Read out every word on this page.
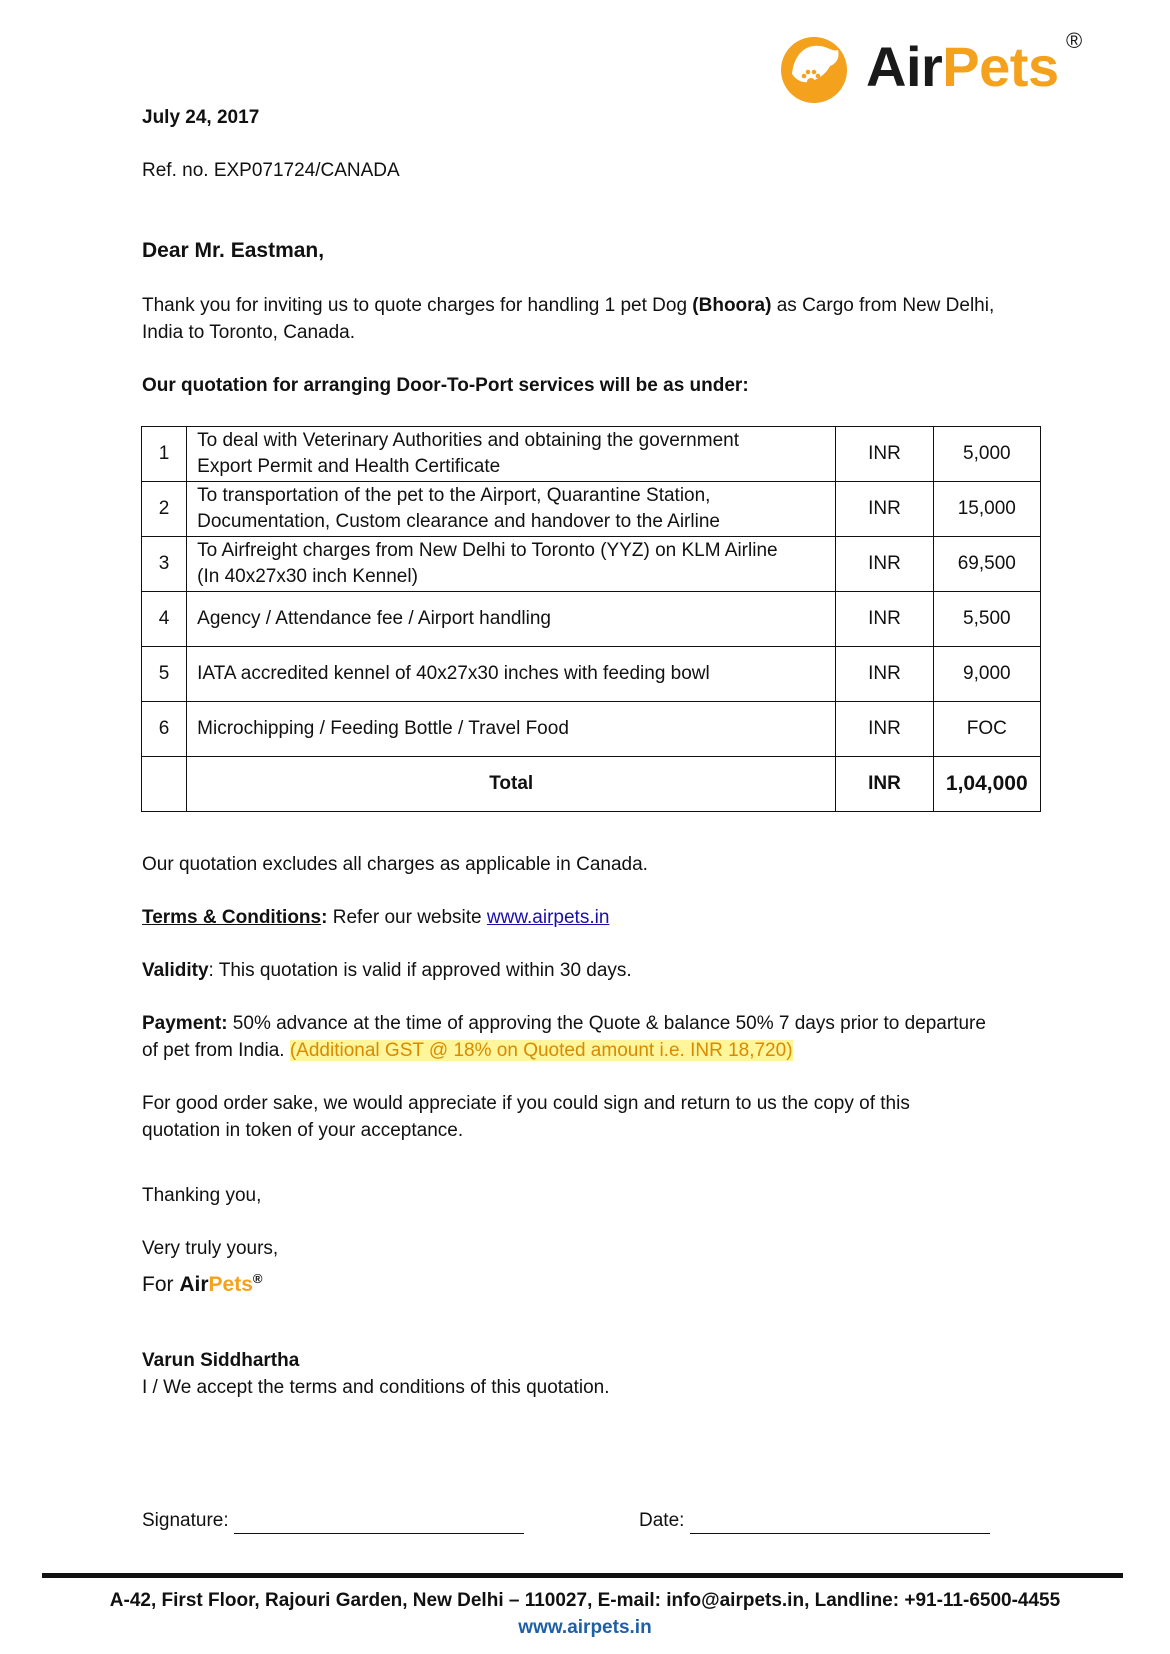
AirPets ®
July 24, 2017
Ref. no. EXP071724/CANADA
Dear Mr. Eastman,
Thank you for inviting us to quote charges for handling 1 pet Dog (Bhoora) as Cargo from New Delhi,
India to Toronto, Canada.
Our quotation for arranging Door-To-Port services will be as under:
1	To deal with Veterinary Authorities and obtaining the government
Export Permit and Health Certificate	INR	5,000
2	To transportation of the pet to the Airport, Quarantine Station,
Documentation, Custom clearance and handover to the Airline	INR	15,000
3	To Airfreight charges from New Delhi to Toronto (YYZ) on KLM Airline
(In 40x27x30 inch Kennel)	INR	69,500
4	Agency / Attendance fee / Airport handling	INR	5,500
5	IATA accredited kennel of 40x27x30 inches with feeding bowl	INR	9,000
6	Microchipping / Feeding Bottle / Travel Food	INR	FOC
	Total	INR	1,04,000
Our quotation excludes all charges as applicable in Canada.
Terms & Conditions: Refer our website www.airpets.in
Validity: This quotation is valid if approved within 30 days.
Payment: 50% advance at the time of approving the Quote & balance 50% 7 days prior to departure
of pet from India. (Additional GST @ 18% on Quoted amount i.e. INR 18,720)
For good order sake, we would appreciate if you could sign and return to us the copy of this
quotation in token of your acceptance.
Thanking you,
Very truly yours,
For AirPets®
Varun Siddhartha
I / We accept the terms and conditions of this quotation.
Signature:	Date:
A-42, First Floor, Rajouri Garden, New Delhi – 110027, E-mail: info@airpets.in, Landline: +91-11-6500-4455
www.airpets.in
